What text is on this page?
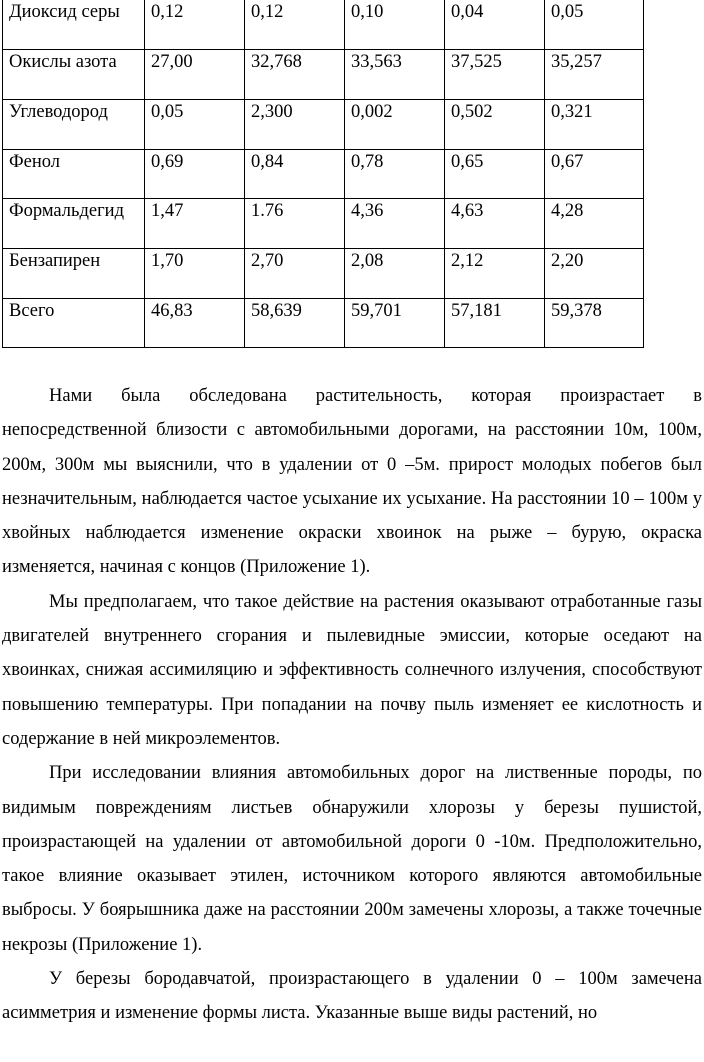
Диоксид серы	0,12	0,12	0,10	0,04	0,05
Окислы азота	27,00	32,768	33,563	37,525	35,257
Углеводород	0,05	2,300	0,002	0,502	0,321
Фенол	0,69	0,84	0,78	0,65	0,67
Формальдегид	1,47	1.76	4,36	4,63	4,28
Бензапирен	1,70	2,70	2,08	2,12	2,20
Всего	46,83	58,639	59,701	57,181	59,378

Нами была обследована растительность, которая произрастает в непосредственной близости с автомобильными дорогами, на расстоянии 10м, 100м, 200м, 300м мы выяснили, что в удалении от 0 –5м. прирост молодых побегов был незначительным, наблюдается частое усыхание их усыхание. На расстоянии 10 – 100м у хвойных наблюдается изменение окраски хвоинок на рыже – бурую, окраска изменяется, начиная с концов (Приложение 1).

Мы предполагаем, что такое действие на растения оказывают отработанные газы двигателей внутреннего сгорания и пылевидные эмиссии, которые оседают на хвоинках, снижая ассимиляцию и эффективность солнечного излучения, способствуют повышению температуры. При попадании на почву пыль изменяет ее кислотность и содержание в ней микроэлементов.

При исследовании влияния автомобильных дорог на лиственные породы, по видимым повреждениям листьев обнаружили хлорозы у березы пушистой, произрастающей на удалении от автомобильной дороги 0 -10м. Предположительно, такое влияние оказывает этилен, источником которого являются автомобильные выбросы. У боярышника даже на расстоянии 200м замечены хлорозы, а также точечные некрозы (Приложение 1).

У березы бородавчатой, произрастающего в удалении 0 – 100м замечена асимметрия и изменение формы листа. Указанные выше виды растений, но
